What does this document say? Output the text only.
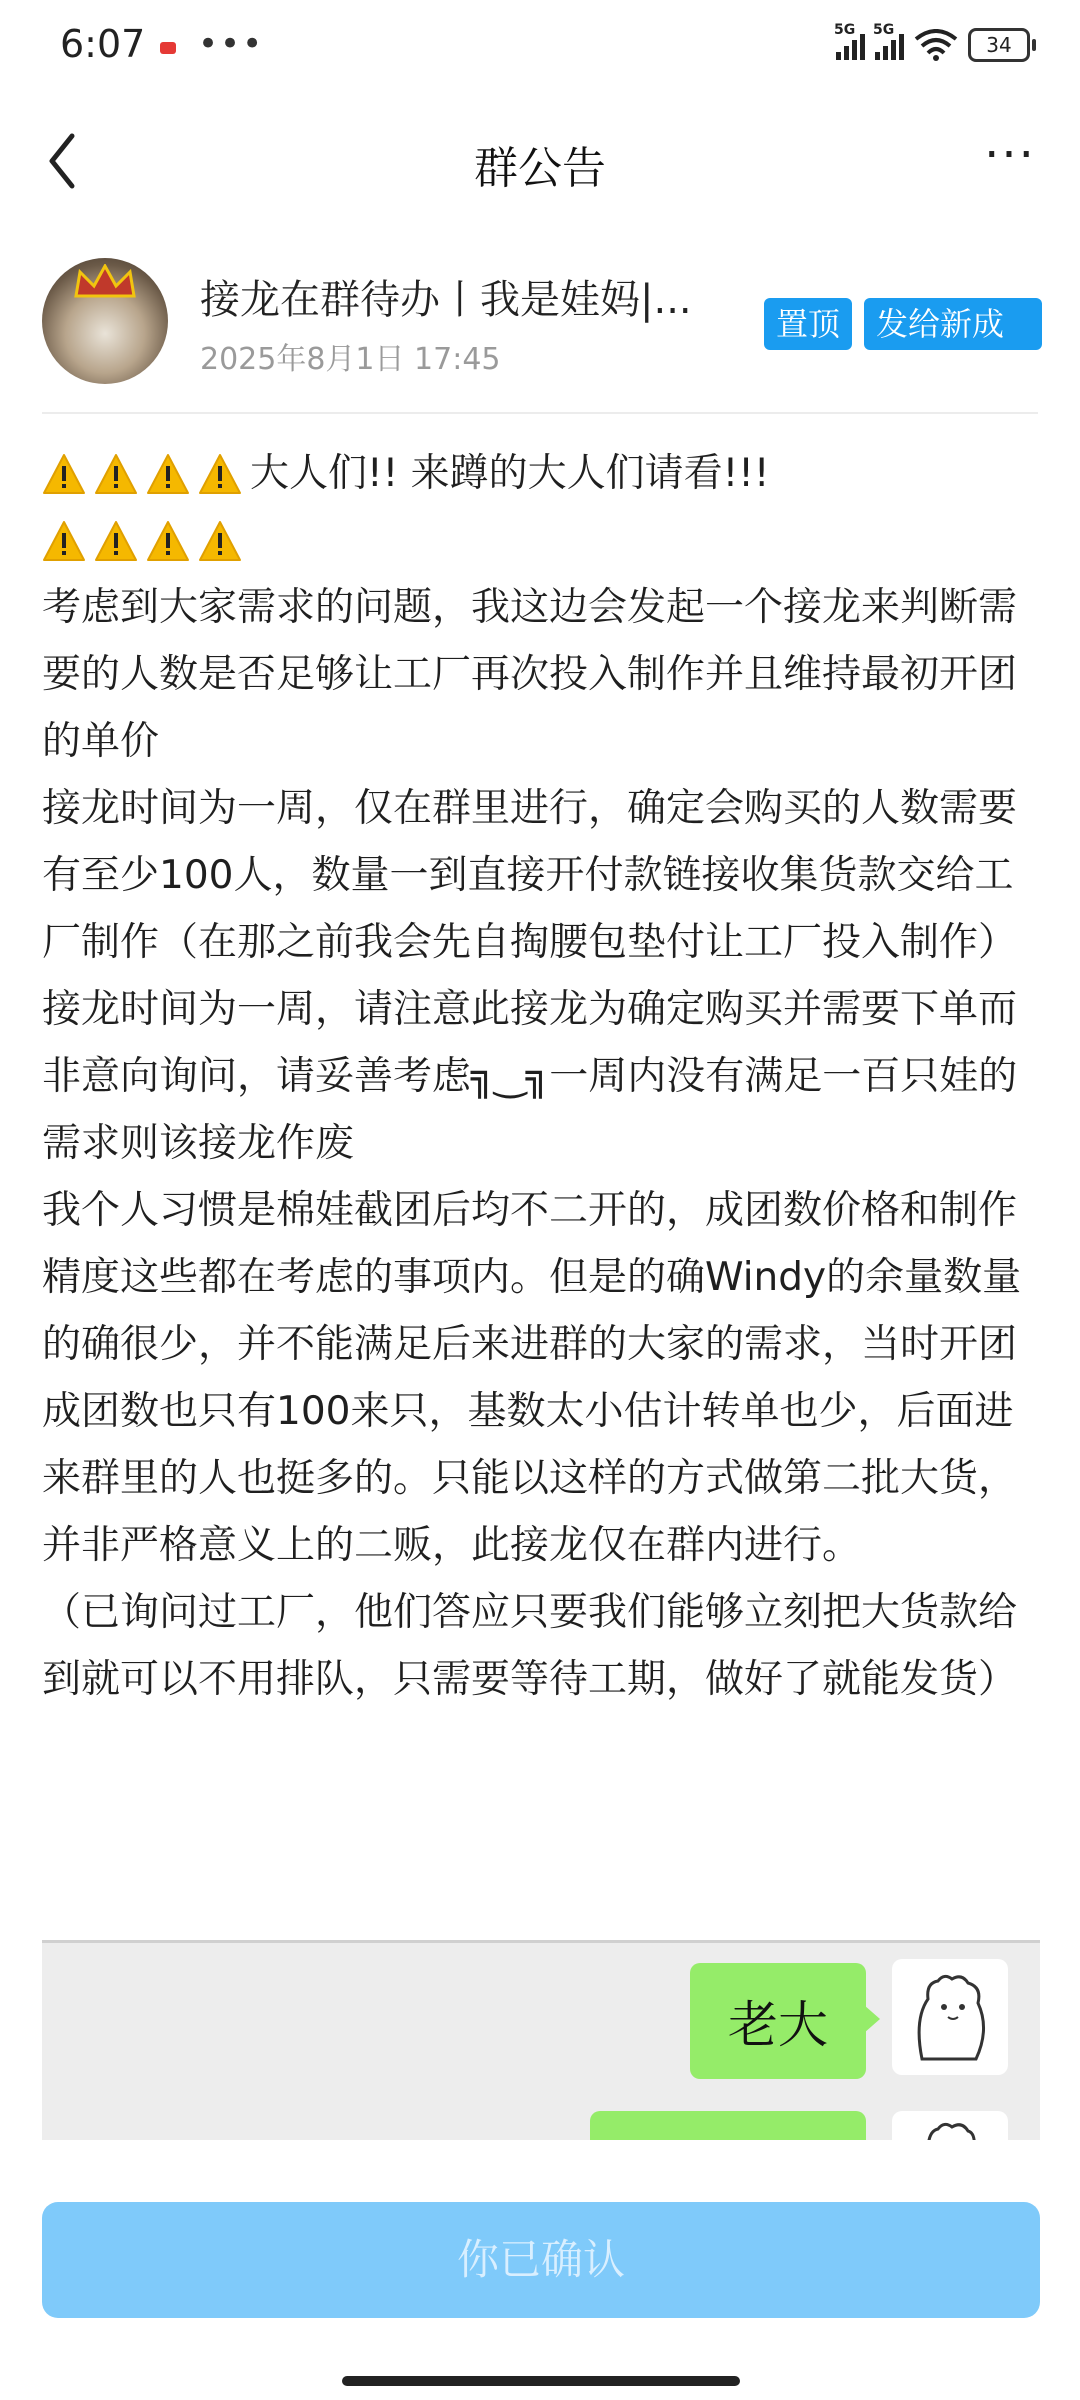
6:07 •••	5G 5G
34
群公告	···
接龙在群待办丨我是娃妈|...
2025年8月1日 17:45
置顶	发给新成员
大人们!! 来蹲的大人们请看!!!

考虑到大家需求的问题，我这边会发起一个接龙来判断需要的人数是否足够让工厂再次投入制作并且维持最初开团的单价

接龙时间为一周，仅在群里进行，确定会购买的人数需要有至少100人，数量一到直接开付款链接收集货款交给工厂制作（在那之前我会先自掏腰包垫付让工厂投入制作）

接龙时间为一周，请注意此接龙为确定购买并需要下单而非意向询问，请妥善考虑╗‿╗一周内没有满足一百只娃的需求则该接龙作废

我个人习惯是棉娃截团后均不二开的，成团数价格和制作精度这些都在考虑的事项内。但是的确Windy的余量数量的确很少，并不能满足后来进群的大家的需求，当时开团成团数也只有100来只，基数太小估计转单也少，后面进来群里的人也挺多的。只能以这样的方式做第二批大货，并非严格意义上的二贩，此接龙仅在群内进行。

（已询问过工厂，他们答应只要我们能够立刻把大货款给到就可以不用排队，只需要等待工期，做好了就能发货）

老大
你已确认
